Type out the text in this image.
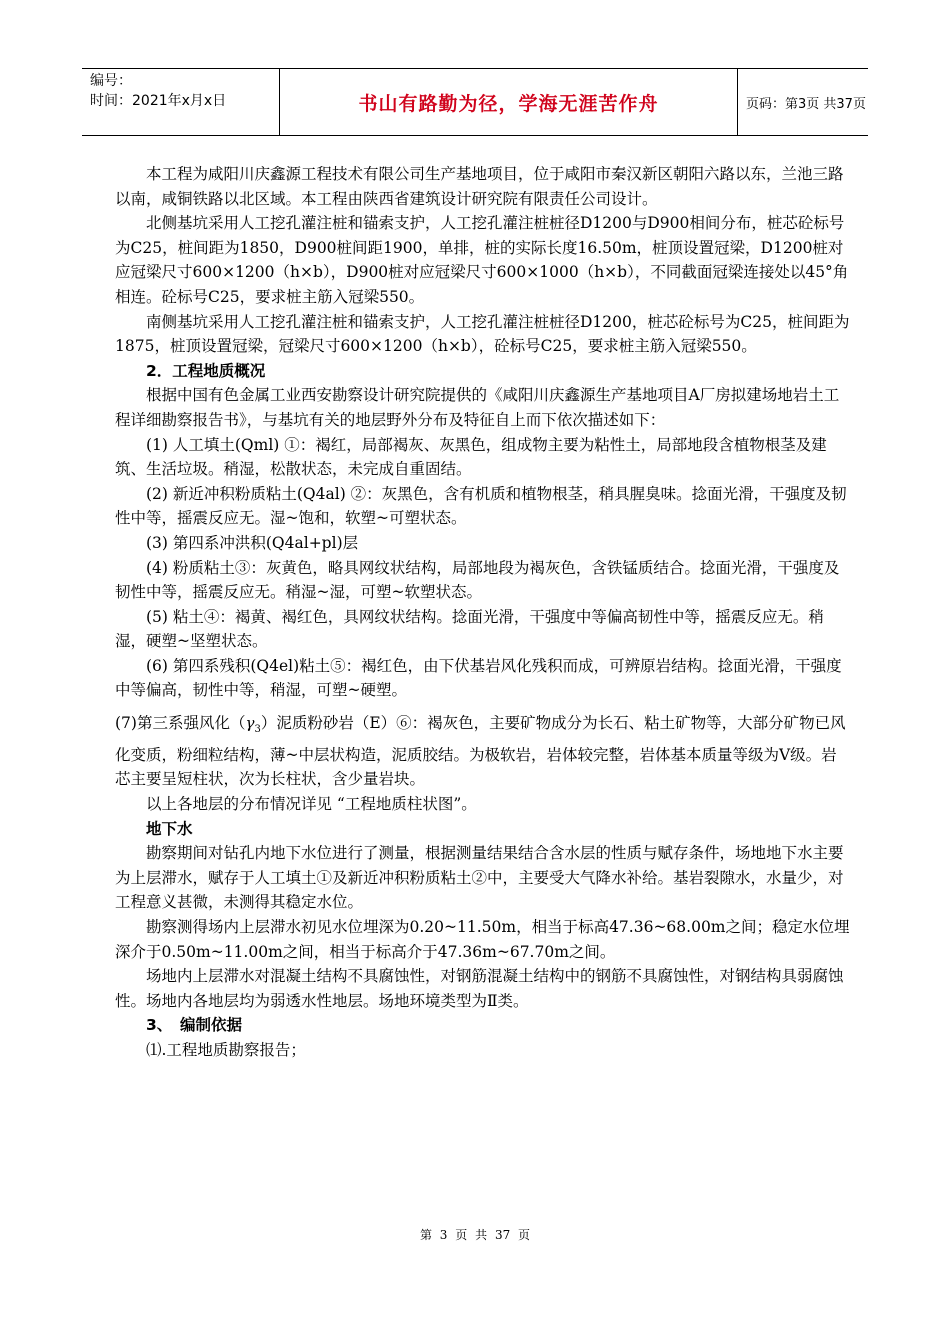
编号：
时间：2021年x月x日	书山有路勤为径，学海无涯苦作舟	页码：第3页 共37页

本工程为咸阳川庆鑫源工程技术有限公司生产基地项目，位于咸阳市秦汉新区朝阳六路以东，兰池三路以南，咸铜铁路以北区域。本工程由陕西省建筑设计研究院有限责任公司设计。

北侧基坑采用人工挖孔灌注桩和锚索支护，人工挖孔灌注桩桩径D1200与D900相间分布，桩芯砼标号为C25，桩间距为1850，D900桩间距1900，单排，桩的实际长度16.50m，桩顶设置冠梁，D1200桩对应冠梁尺寸600×1200（h×b），D900桩对应冠梁尺寸600×1000（h×b），不同截面冠梁连接处以45°角相连。砼标号C25，要求桩主筋入冠梁550。

南侧基坑采用人工挖孔灌注桩和锚索支护，人工挖孔灌注桩桩径D1200，桩芯砼标号为C25，桩间距为1875，桩顶设置冠梁，冠梁尺寸600×1200（h×b），砼标号C25，要求桩主筋入冠梁550。

2．工程地质概况

根据中国有色金属工业西安勘察设计研究院提供的《咸阳川庆鑫源生产基地项目A厂房拟建场地岩土工程详细勘察报告书》，与基坑有关的地层野外分布及特征自上而下依次描述如下：

(1) 人工填土(Qml) ①：褐红，局部褐灰、灰黑色，组成物主要为粘性土，局部地段含植物根茎及建筑、生活垃圾。稍湿，松散状态，未完成自重固结。

(2) 新近冲积粉质粘土(Q4al) ②：灰黑色，含有机质和植物根茎，稍具腥臭味。捻面光滑，干强度及韧性中等，摇震反应无。湿~饱和，软塑~可塑状态。

(3) 第四系冲洪积(Q4al+pl)层

(4) 粉质粘土③：灰黄色，略具网纹状结构，局部地段为褐灰色，含铁锰质结合。捻面光滑，干强度及韧性中等，摇震反应无。稍湿~湿，可塑~软塑状态。

(5) 粘土④：褐黄、褐红色，具网纹状结构。捻面光滑，干强度中等偏高韧性中等，摇震反应无。稍湿，硬塑~坚塑状态。

(6) 第四系残积(Q4el)粘土⑤：褐红色，由下伏基岩风化残积而成，可辨原岩结构。捻面光滑，干强度中等偏高，韧性中等，稍湿，可塑~硬塑。

(7)第三系强风化$(\gamma_3)$泥质粉砂岩（E）⑥：褐灰色，主要矿物成分为长石、粘土矿物等，大部分矿物已风化变质，粉细粒结构，薄~中层状构造，泥质胶结。为极软岩，岩体较完整，岩体基本质量等级为Ⅴ级。岩芯主要呈短柱状，次为长柱状，含少量岩块。

以上各地层的分布情况详见 “工程地质柱状图”。

地下水

勘察期间对钻孔内地下水位进行了测量，根据测量结果结合含水层的性质与赋存条件，场地地下水主要为上层滞水，赋存于人工填土①及新近冲积粉质粘土②中，主要受大气降水补给。基岩裂隙水，水量少，对工程意义甚微，未测得其稳定水位。

勘察测得场内上层滞水初见水位埋深为0.20~11.50m，相当于标高47.36~68.00m之间；稳定水位埋深介于0.50m~11.00m之间，相当于标高介于47.36m~67.70m之间。

场地内上层滞水对混凝土结构不具腐蚀性，对钢筋混凝土结构中的钢筋不具腐蚀性，对钢结构具弱腐蚀性。场地内各地层均为弱透水性地层。场地环境类型为Ⅱ类。

3、　编制依据

⑴.工程地质勘察报告；

第 3 页 共 37 页
